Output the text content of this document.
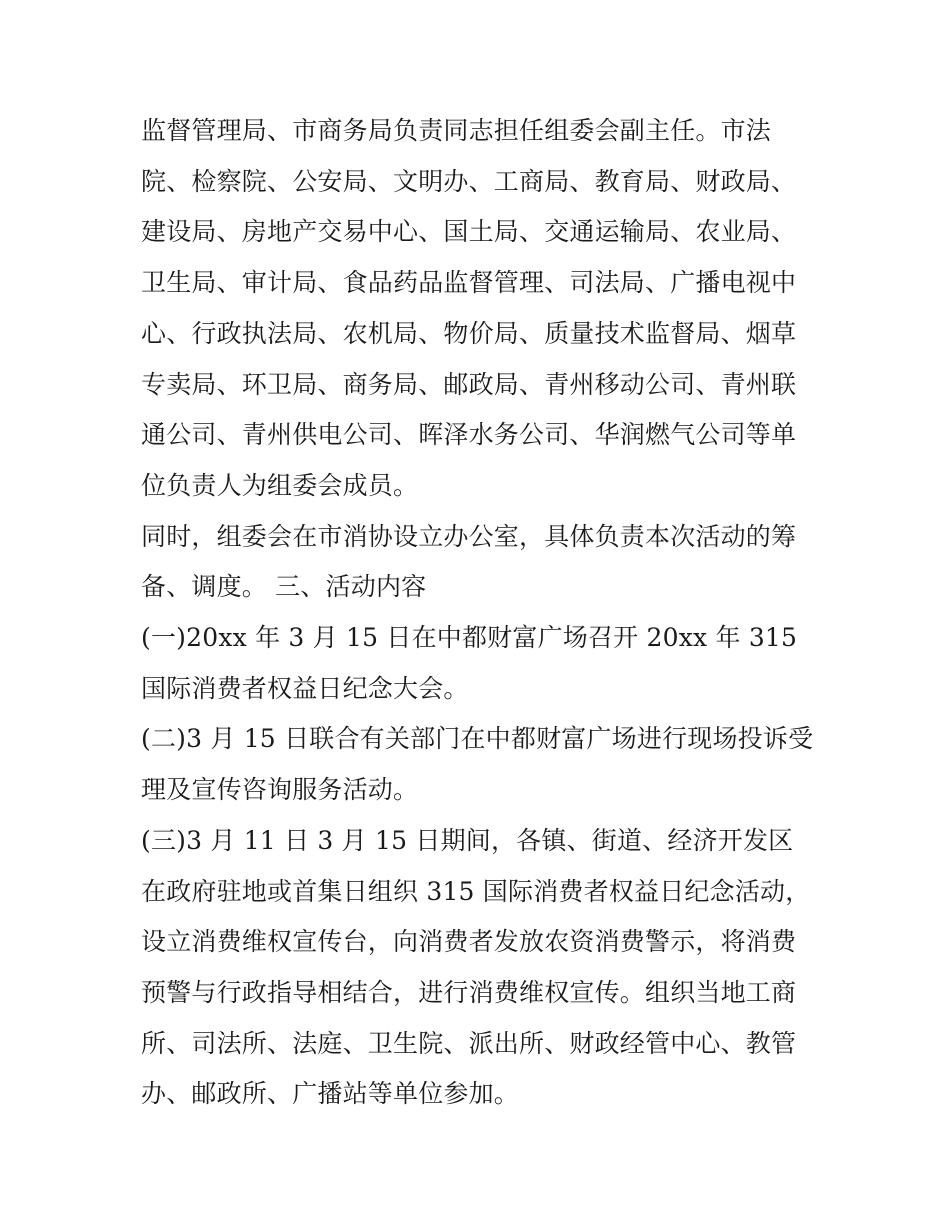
监督管理局、市商务局负责同志担任组委会副主任。市法院、检察院、公安局、文明办、工商局、教育局、财政局、建设局、房地产交易中心、国土局、交通运输局、农业局、卫生局、审计局、食品药品监督管理、司法局、广播电视中心、行政执法局、农机局、物价局、质量技术监督局、烟草专卖局、环卫局、商务局、邮政局、青州移动公司、青州联通公司、青州供电公司、晖泽水务公司、华润燃气公司等单位负责人为组委会成员。

同时，组委会在市消协设立办公室，具体负责本次活动的筹备、调度。 三、活动内容

(一)20xx 年 3 月 15 日在中都财富广场召开 20xx 年 315 国际消费者权益日纪念大会。

(二)3 月 15 日联合有关部门在中都财富广场进行现场投诉受理及宣传咨询服务活动。

(三)3 月 11 日 3 月 15 日期间，各镇、街道、经济开发区在政府驻地或首集日组织 315 国际消费者权益日纪念活动，设立消费维权宣传台，向消费者发放农资消费警示，将消费预警与行政指导相结合，进行消费维权宣传。组织当地工商所、司法所、法庭、卫生院、派出所、财政经管中心、教管办、邮政所、广播站等单位参加。
